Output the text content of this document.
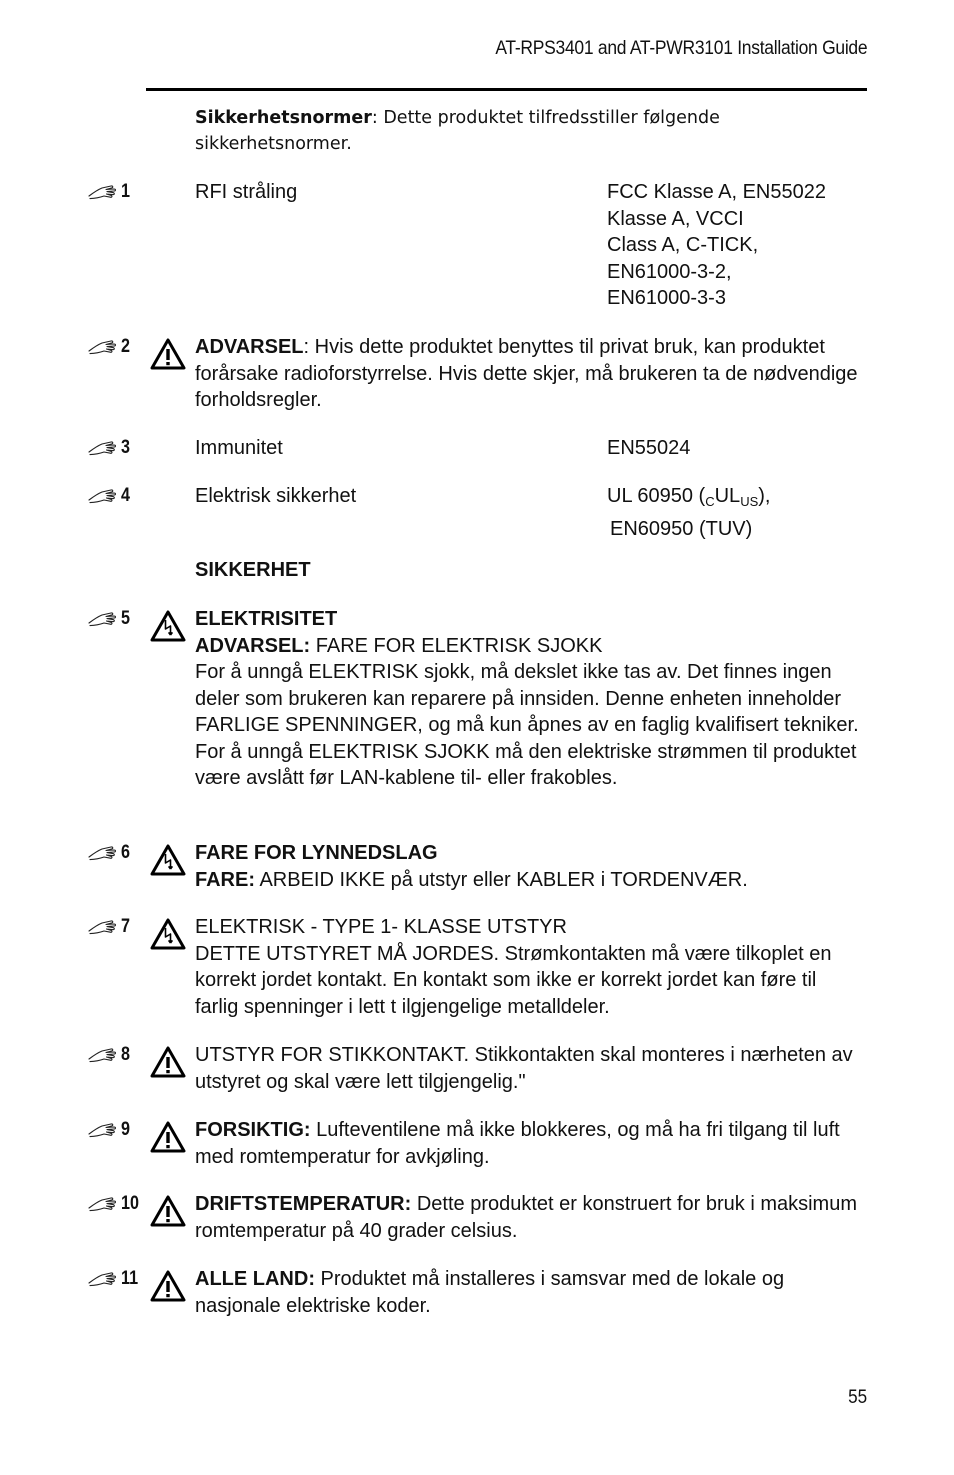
AT-RPS3401 and AT-PWR3101 Installation Guide
Sikkerhetsnormer: Dette produktet tilfredsstiller følgende sikkerhetsnormer.
1	RFI stråling	FCC Klasse A, EN55022
Klasse A, VCCI
Class A, C-TICK,
EN61000-3-2,
EN61000-3-3
2	ADVARSEL: Hvis dette produktet benyttes til privat bruk, kan produktet forårsake radioforstyrrelse. Hvis dette skjer, må brukeren ta de nødvendige forholdsregler.
3	Immunitet	EN55024
4	Elektrisk sikkerhet	UL 60950 $(_CUL_{US})$,
EN60950 (TUV)
SIKKERHET
5	ELEKTRISITET
ADVARSEL: FARE FOR ELEKTRISK SJOKK
For å unngå ELEKTRISK sjokk, må dekslet ikke tas av. Det finnes ingen deler som brukeren kan reparere på innsiden. Denne enheten inneholder FARLIGE SPENNINGER, og må kun åpnes av en faglig kvalifisert tekniker. For å unngå ELEKTRISK SJOKK må den elektriske strømmen til produktet være avslått før LAN-kablene til- eller frakobles.
6	FARE FOR LYNNEDSLAG
FARE: ARBEID IKKE på utstyr eller KABLER i TORDENVÆR.
7	ELEKTRISK - TYPE 1- KLASSE UTSTYR
DETTE UTSTYRET MÅ JORDES. Strømkontakten må være tilkoplet en korrekt jordet kontakt. En kontakt som ikke er korrekt jordet kan føre til farlig spenninger i lett t ilgjengelige metalldeler.
8	UTSTYR FOR STIKKONTAKT. Stikkontakten skal monteres i nærheten av utstyret og skal være lett tilgjengelig."
9	FORSIKTIG: Lufteventilene må ikke blokkeres, og må ha fri tilgang til luft med romtemperatur for avkjøling.
10	DRIFTSTEMPERATUR: Dette produktet er konstruert for bruk i maksimum romtemperatur på 40 grader celsius.
11	ALLE LAND: Produktet må installeres i samsvar med de lokale og nasjonale elektriske koder.
55
